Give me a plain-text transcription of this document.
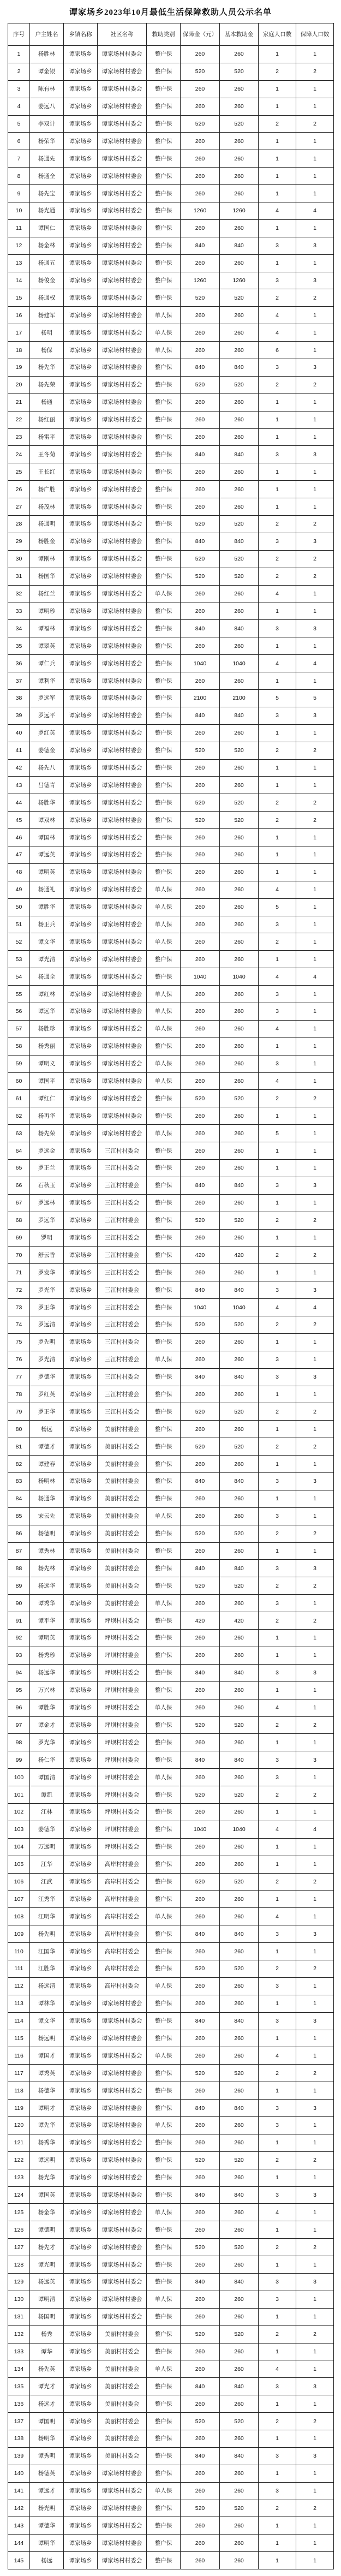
谭家场乡2023年10月最低生活保障救助人员公示名单
序号	户主姓名	乡镇名称	社区名称	救助类别	保障金（元）	基本救助金	家庭人口数	保障人口数
1	杨胜林	谭家场乡	谭家场村村委会	整户保	260	260	1	1
2	谭金银	谭家场乡	谭家场村村委会	整户保	520	520	2	2
3	陈有林	谭家场乡	谭家场村村委会	整户保	260	260	1	1
4	姜远八	谭家场乡	谭家场村村委会	整户保	260	260	1	1
5	李双计	谭家场乡	谭家场村村委会	整户保	520	520	2	2
6	杨荣华	谭家场乡	谭家场村村委会	整户保	260	260	1	1
7	杨通先	谭家场乡	谭家场村村委会	整户保	260	260	1	1
8	杨通全	谭家场乡	谭家场村村委会	整户保	260	260	1	1
9	杨先宝	谭家场乡	谭家场村村委会	整户保	260	260	1	1
10	杨光通	谭家场乡	谭家场村村委会	整户保	1260	1260	4	4
11	谭国仁	谭家场乡	谭家场村村委会	整户保	260	260	1	1
12	杨金林	谭家场乡	谭家场村村委会	整户保	840	840	3	3
13	杨通五	谭家场乡	谭家场村村委会	整户保	260	260	1	1
14	杨俊金	谭家场乡	谭家场村村委会	整户保	1260	1260	3	3
15	杨通权	谭家场乡	谭家场村村委会	整户保	520	520	2	2
16	杨建军	谭家场乡	谭家场村村委会	单人保	260	260	4	1
17	杨明	谭家场乡	谭家场村村委会	单人保	260	260	4	1
18	杨保	谭家场乡	谭家场村村委会	单人保	260	260	6	1
19	杨先华	谭家场乡	谭家场村村委会	整户保	840	840	3	3
20	杨先荣	谭家场乡	谭家场村村委会	整户保	520	520	2	2
21	杨通	谭家场乡	谭家场村村委会	整户保	260	260	1	1
22	杨红丽	谭家场乡	谭家场村村委会	整户保	260	260	1	1
23	杨雷平	谭家场乡	谭家场村村委会	整户保	260	260	1	1
24	王冬菊	谭家场乡	谭家场村村委会	整户保	840	840	3	3
25	王长红	谭家场乡	谭家场村村委会	整户保	260	260	1	1
26	杨广胜	谭家场乡	谭家场村村委会	整户保	260	260	1	1
27	杨茂林	谭家场乡	谭家场村村委会	整户保	260	260	1	1
28	杨通明	谭家场乡	谭家场村村委会	整户保	520	520	2	2
29	杨胜金	谭家场乡	谭家场村村委会	整户保	840	840	3	3
30	谭刚林	谭家场乡	谭家场村村委会	整户保	520	520	2	2
31	杨国华	谭家场乡	谭家场村村委会	整户保	520	520	2	2
32	杨红兰	谭家场乡	谭家场村村委会	单人保	260	260	4	1
33	谭明珍	谭家场乡	谭家场村村委会	整户保	260	260	1	1
34	谭福林	谭家场乡	谭家场村村委会	整户保	840	840	3	3
35	谭翠英	谭家场乡	谭家场村村委会	整户保	260	260	1	1
36	谭仁兵	谭家场乡	谭家场村村委会	整户保	1040	1040	4	4
37	谭利华	谭家场乡	谭家场村村委会	整户保	260	260	1	1
38	罗远军	谭家场乡	谭家场村村委会	整户保	2100	2100	5	5
39	罗远平	谭家场乡	谭家场村村委会	整户保	840	840	3	3
40	罗红英	谭家场乡	谭家场村村委会	整户保	260	260	1	1
41	姜德金	谭家场乡	谭家场村村委会	整户保	520	520	2	2
42	杨先八	谭家场乡	谭家场村村委会	整户保	260	260	1	1
43	吕德青	谭家场乡	谭家场村村委会	整户保	260	260	1	1
44	杨胜华	谭家场乡	谭家场村村委会	整户保	520	520	2	2
45	谭双林	谭家场乡	谭家场村村委会	整户保	520	520	2	2
46	谭国林	谭家场乡	谭家场村村委会	整户保	260	260	1	1
47	谭远英	谭家场乡	谭家场村村委会	整户保	260	260	1	1
48	谭明英	谭家场乡	谭家场村村委会	整户保	260	260	1	1
49	杨通礼	谭家场乡	谭家场村村委会	单人保	260	260	4	1
50	谭胜华	谭家场乡	谭家场村村委会	单人保	260	260	5	1
51	杨正兵	谭家场乡	谭家场村村委会	单人保	260	260	3	1
52	谭文华	谭家场乡	谭家场村村委会	单人保	260	260	2	1
53	谭光清	谭家场乡	谭家场村村委会	整户保	260	260	1	1
54	杨通全	谭家场乡	谭家场村村委会	整户保	1040	1040	4	4
55	谭红林	谭家场乡	谭家场村村委会	单人保	260	260	3	1
56	谭远华	谭家场乡	谭家场村村委会	单人保	260	260	3	1
57	杨胜珍	谭家场乡	谭家场村村委会	单人保	260	260	4	1
58	杨秀丽	谭家场乡	谭家场村村委会	整户保	260	260	1	1
59	谭明义	谭家场乡	谭家场村村委会	单人保	260	260	3	1
60	谭国平	谭家场乡	谭家场村村委会	单人保	260	260	4	1
61	谭红仁	谭家场乡	谭家场村村委会	整户保	520	520	2	2
62	杨再华	谭家场乡	谭家场村村委会	整户保	260	260	1	1
63	杨先荣	谭家场乡	谭家场村村委会	单人保	260	260	5	1
64	罗远金	谭家场乡	三江村村委会	整户保	260	260	1	1
65	罗正兰	谭家场乡	三江村村委会	整户保	260	260	1	1
66	石秋玉	谭家场乡	三江村村委会	整户保	840	840	3	3
67	罗远林	谭家场乡	三江村村委会	整户保	260	260	1	1
68	罗远华	谭家场乡	三江村村委会	整户保	520	520	2	2
69	罗明	谭家场乡	三江村村委会	整户保	260	260	1	1
70	舒云香	谭家场乡	三江村村委会	整户保	420	420	2	2
71	罗发华	谭家场乡	三江村村委会	整户保	260	260	1	1
72	罗光华	谭家场乡	三江村村委会	整户保	840	840	3	3
73	罗正华	谭家场乡	三江村村委会	整户保	1040	1040	4	4
74	罗远清	谭家场乡	三江村村委会	整户保	520	520	2	2
75	罗先明	谭家场乡	三江村村委会	整户保	260	260	1	1
76	罗光清	谭家场乡	三江村村委会	单人保	260	260	3	1
77	罗德华	谭家场乡	三江村村委会	整户保	840	840	3	3
78	罗红英	谭家场乡	三江村村委会	整户保	260	260	1	1
79	罗正华	谭家场乡	三江村村委会	整户保	520	520	2	2
80	杨远	谭家场乡	美丽村村委会	整户保	260	260	1	1
81	谭德才	谭家场乡	美丽村村委会	整户保	520	520	2	2
82	谭建春	谭家场乡	美丽村村委会	整户保	260	260	1	1
83	杨明林	谭家场乡	美丽村村委会	整户保	840	840	3	3
84	杨通华	谭家场乡	美丽村村委会	整户保	260	260	1	1
85	宋云先	谭家场乡	美丽村村委会	单人保	260	260	3	1
86	杨德明	谭家场乡	美丽村村委会	整户保	520	520	2	2
87	谭秀林	谭家场乡	美丽村村委会	整户保	260	260	1	1
88	杨先林	谭家场乡	美丽村村委会	整户保	840	840	3	3
89	杨远华	谭家场乡	美丽村村委会	整户保	520	520	2	2
90	谭秀华	谭家场乡	美丽村村委会	单人保	260	260	3	1
91	谭平华	谭家场乡	坪坝村村委会	整户保	420	420	2	2
92	谭明英	谭家场乡	坪坝村村委会	整户保	260	260	1	1
93	杨秀珍	谭家场乡	坪坝村村委会	整户保	260	260	1	1
94	杨远华	谭家场乡	坪坝村村委会	整户保	840	840	3	3
95	万兴林	谭家场乡	坪坝村村委会	整户保	260	260	1	1
96	谭胜华	谭家场乡	坪坝村村委会	单人保	260	260	4	1
97	谭金才	谭家场乡	坪坝村村委会	整户保	520	520	2	2
98	罗光华	谭家场乡	坪坝村村委会	整户保	260	260	1	1
99	杨仁华	谭家场乡	坪坝村村委会	整户保	840	840	3	3
100	谭国清	谭家场乡	坪坝村村委会	单人保	260	260	3	1
101	谭凯	谭家场乡	坪坝村村委会	整户保	520	520	2	2
102	江林	谭家场乡	坪坝村村委会	整户保	260	260	1	1
103	姜德华	谭家场乡	坪坝村村委会	整户保	1040	1040	4	4
104	万远明	谭家场乡	坪坝村村委会	整户保	260	260	1	1
105	江华	谭家场乡	高岸村村委会	整户保	260	260	1	1
106	江武	谭家场乡	高岸村村委会	整户保	520	520	2	2
107	江秀华	谭家场乡	高岸村村委会	整户保	260	260	1	1
108	江明华	谭家场乡	高岸村村委会	单人保	260	260	4	1
109	杨先明	谭家场乡	高岸村村委会	整户保	840	840	3	3
110	江国华	谭家场乡	高岸村村委会	整户保	260	260	1	1
111	江胜华	谭家场乡	高岸村村委会	整户保	520	520	2	2
112	杨远清	谭家场乡	高岸村村委会	单人保	260	260	3	1
113	谭林华	谭家场乡	谭家场村村委会	整户保	260	260	1	1
114	谭文华	谭家场乡	谭家场村村委会	整户保	840	840	3	3
115	杨远明	谭家场乡	谭家场村村委会	整户保	260	260	1	1
116	谭国才	谭家场乡	谭家场村村委会	单人保	260	260	4	1
117	谭秀英	谭家场乡	谭家场村村委会	整户保	520	520	2	2
118	杨德华	谭家场乡	谭家场村村委会	整户保	260	260	1	1
119	谭明才	谭家场乡	谭家场村村委会	整户保	840	840	3	3
120	谭先华	谭家场乡	谭家场村村委会	单人保	260	260	3	1
121	杨秀华	谭家场乡	谭家场村村委会	整户保	260	260	1	1
122	谭远明	谭家场乡	谭家场村村委会	整户保	520	520	2	2
123	杨光华	谭家场乡	谭家场村村委会	整户保	260	260	1	1
124	谭国英	谭家场乡	谭家场村村委会	整户保	840	840	3	3
125	杨金华	谭家场乡	谭家场村村委会	单人保	260	260	4	1
126	谭德明	谭家场乡	谭家场村村委会	整户保	260	260	1	1
127	杨先才	谭家场乡	谭家场村村委会	整户保	520	520	2	2
128	谭光明	谭家场乡	谭家场村村委会	整户保	260	260	1	1
129	杨远英	谭家场乡	谭家场村村委会	整户保	840	840	3	3
130	谭明清	谭家场乡	谭家场村村委会	单人保	260	260	3	1
131	杨国明	谭家场乡	谭家场村村委会	整户保	260	260	1	1
132	杨秀	谭家场乡	美丽村村委会	整户保	520	520	2	2
133	谭华	谭家场乡	美丽村村委会	整户保	260	260	1	1
134	杨先英	谭家场乡	美丽村村委会	单人保	260	260	4	1
135	谭光才	谭家场乡	美丽村村委会	整户保	840	840	3	3
136	杨远才	谭家场乡	美丽村村委会	整户保	260	260	1	1
137	谭国明	谭家场乡	美丽村村委会	整户保	520	520	2	2
138	杨明华	谭家场乡	美丽村村委会	整户保	260	260	1	1
139	谭秀明	谭家场乡	美丽村村委会	整户保	840	840	3	3
140	杨德英	谭家场乡	谭家场村村委会	整户保	260	260	1	1
141	谭远才	谭家场乡	谭家场村村委会	单人保	260	260	3	1
142	杨光明	谭家场乡	谭家场村村委会	整户保	520	520	2	2
143	谭德华	谭家场乡	谭家场村村委会	整户保	260	260	1	1
144	谭明华	谭家场乡	谭家场村村委会	整户保	260	260	1	1
145	杨远	谭家场乡	谭家场村村委会	整户保	260	260	1	1
